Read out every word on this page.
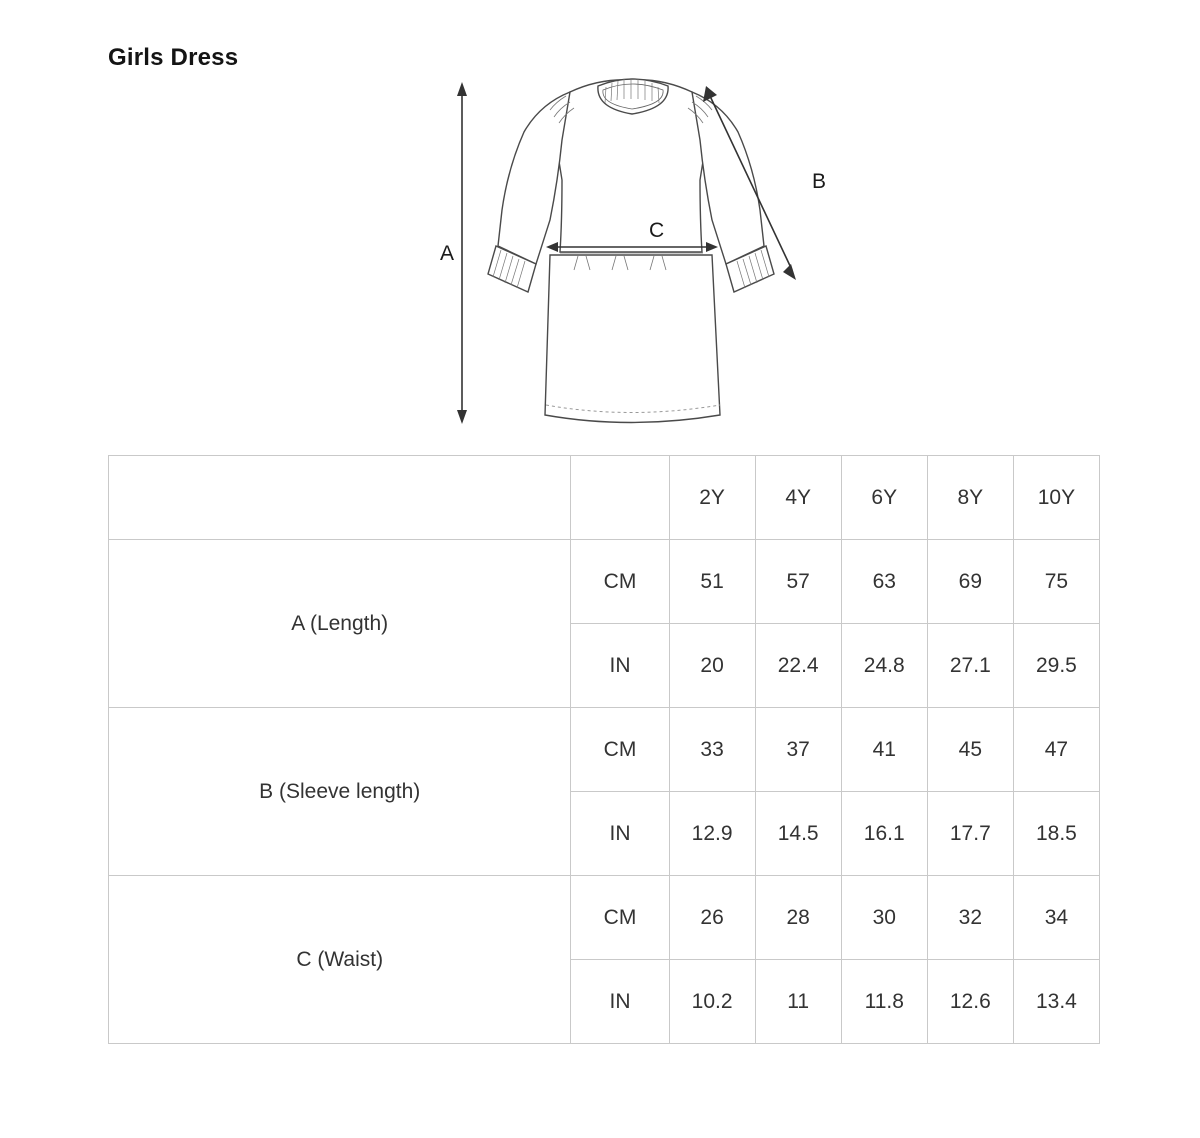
Girls Dress
A
B
C
		2Y	4Y	6Y	8Y	10Y
A (Length)	CM	51	57	63	69	75
	IN	20	22.4	24.8	27.1	29.5
B (Sleeve length)	CM	33	37	41	45	47
	IN	12.9	14.5	16.1	17.7	18.5
C (Waist)	CM	26	28	30	32	34
	IN	10.2	11	11.8	12.6	13.4
